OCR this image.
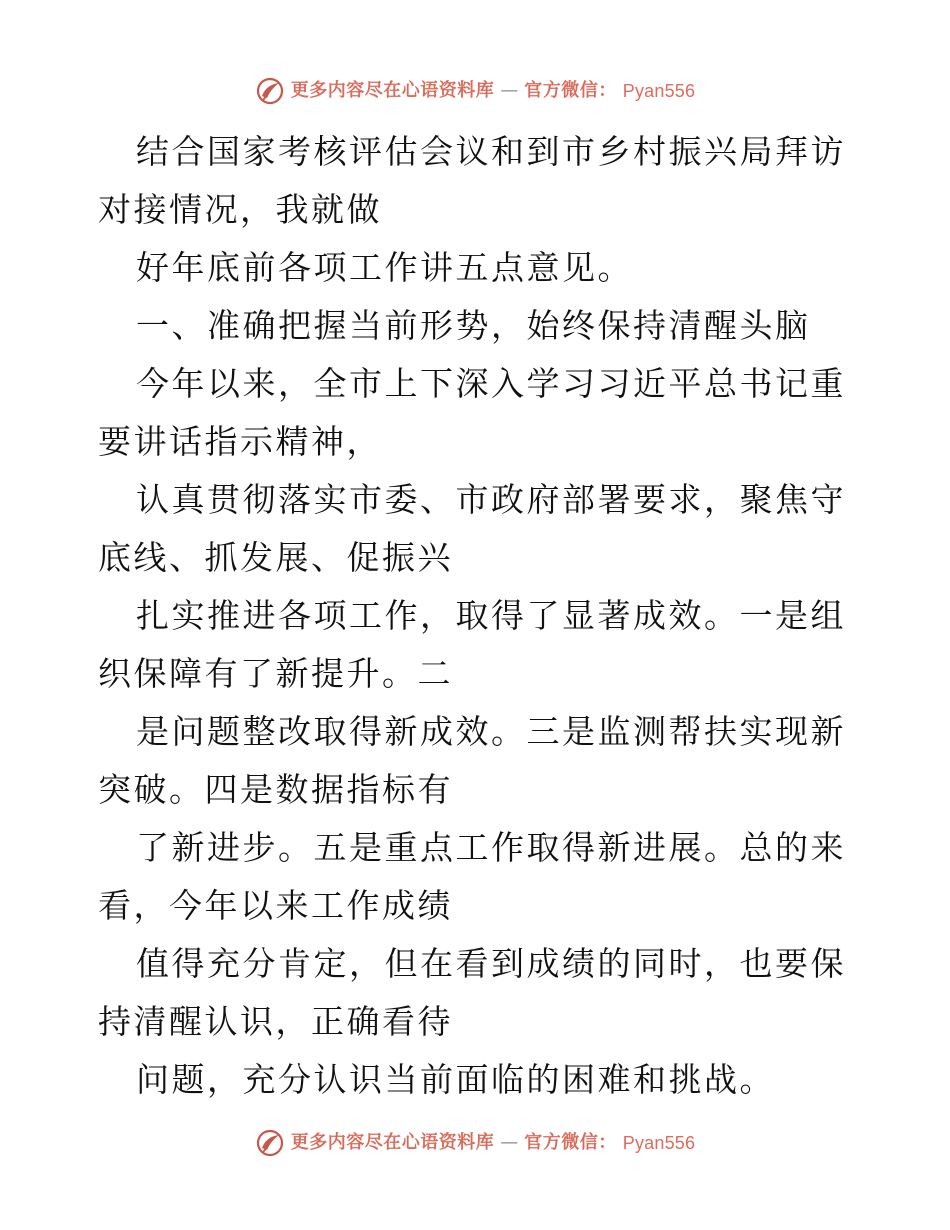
更多内容尽在心语资料库 — 官方微信： Pyan556

结合国家考核评估会议和到市乡村振兴局拜访对接情况，我就做

好年底前各项工作讲五点意见。

一、准确把握当前形势，始终保持清醒头脑

今年以来，全市上下深入学习习近平总书记重要讲话指示精神，

认真贯彻落实市委、市政府部署要求，聚焦守底线、抓发展、促振兴

扎实推进各项工作，取得了显著成效。一是组织保障有了新提升。二

是问题整改取得新成效。三是监测帮扶实现新突破。四是数据指标有

了新进步。五是重点工作取得新进展。总的来看，今年以来工作成绩

值得充分肯定，但在看到成绩的同时，也要保持清醒认识，正确看待

问题，充分认识当前面临的困难和挑战。

更多内容尽在心语资料库 — 官方微信： Pyan556
